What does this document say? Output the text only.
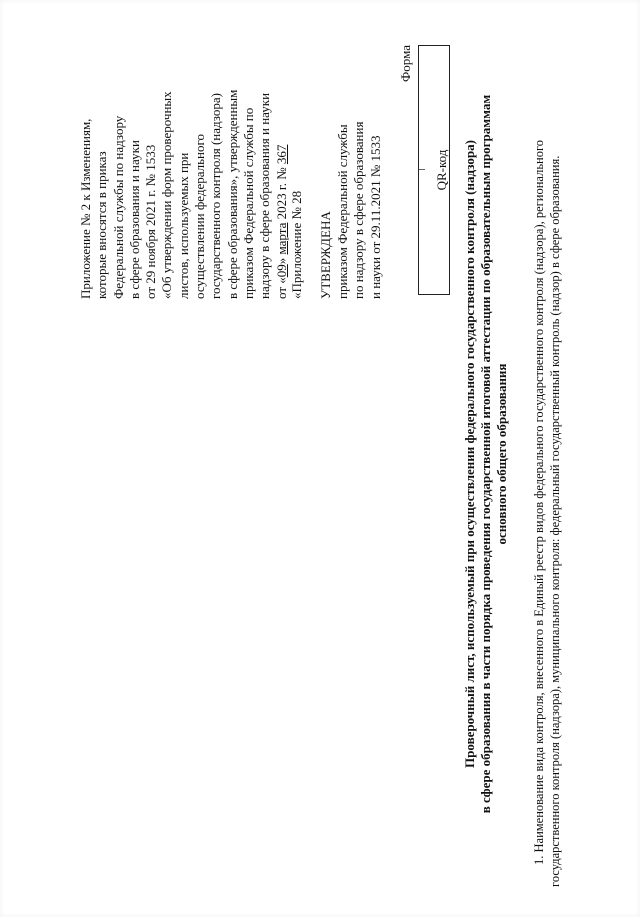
Приложение № 2 к Изменениям, которые вносятся в приказ Федеральной службы по надзору в сфере образования и науки от 29 ноября 2021 г. № 1533 «Об утверждении форм проверочных листов, используемых при осуществлении федерального государственного контроля (надзора) в сфере образования», утвержденным приказом Федеральной службы по надзору в сфере образования и науки от «09» марта 2023 г. № 367
«Приложение № 28 УТВЕРЖДЕНА приказом Федеральной службы по надзору в сфере образования и науки от 29.11.2021 № 1533
Форма
QR-код Проверочный лист, используемый при осуществлении федерального государственного контроля (надзора) в сфере образования в части порядка проведения государственной итоговой аттестации по образовательным программам основного общего образования 1. Наименование вида контроля, внесенного в Единый реестр видов федерального государственного контроля (надзора), регионального государственного контроля (надзора), муниципального контроля: федеральный государственный контроль (надзор) в сфере образования.
